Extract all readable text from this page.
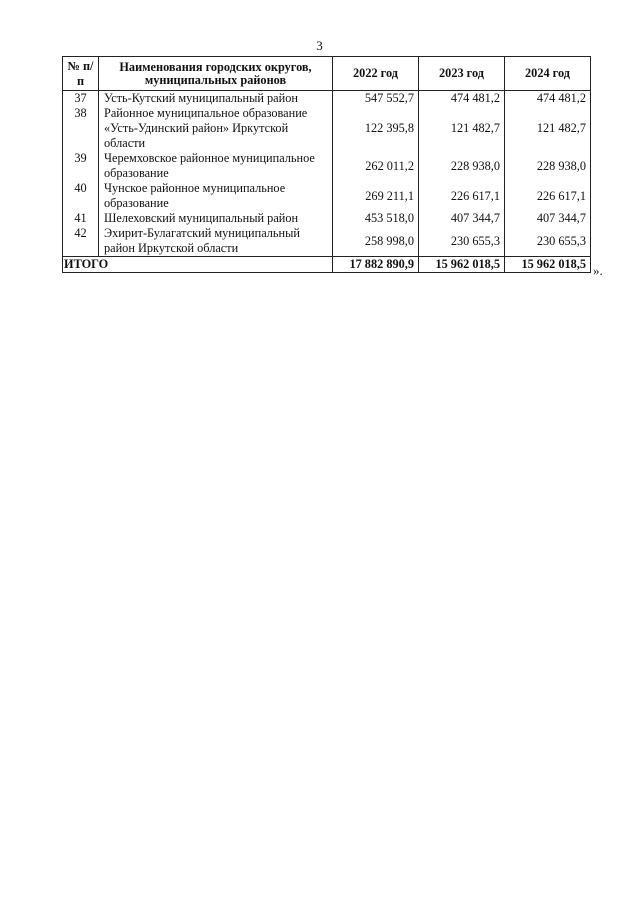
3
№ п/п	Наименования городских округов, муниципальных районов	2022 год	2023 год	2024 год
37	Усть-Кутский муниципальный район	547 552,7	474 481,2	474 481,2
38	Районное муниципальное образование «Усть-Удинский район» Иркутской области	122 395,8	121 482,7	121 482,7
39	Черемховское районное муниципальное образование	262 011,2	228 938,0	228 938,0
40	Чунское районное муниципальное образование	269 211,1	226 617,1	226 617,1
41	Шелеховский муниципальный район	453 518,0	407 344,7	407 344,7
42	Эхирит-Булагатский муниципальный район Иркутской области	258 998,0	230 655,3	230 655,3
ИТОГО		17 882 890,9	15 962 018,5	15 962 018,5 ».
